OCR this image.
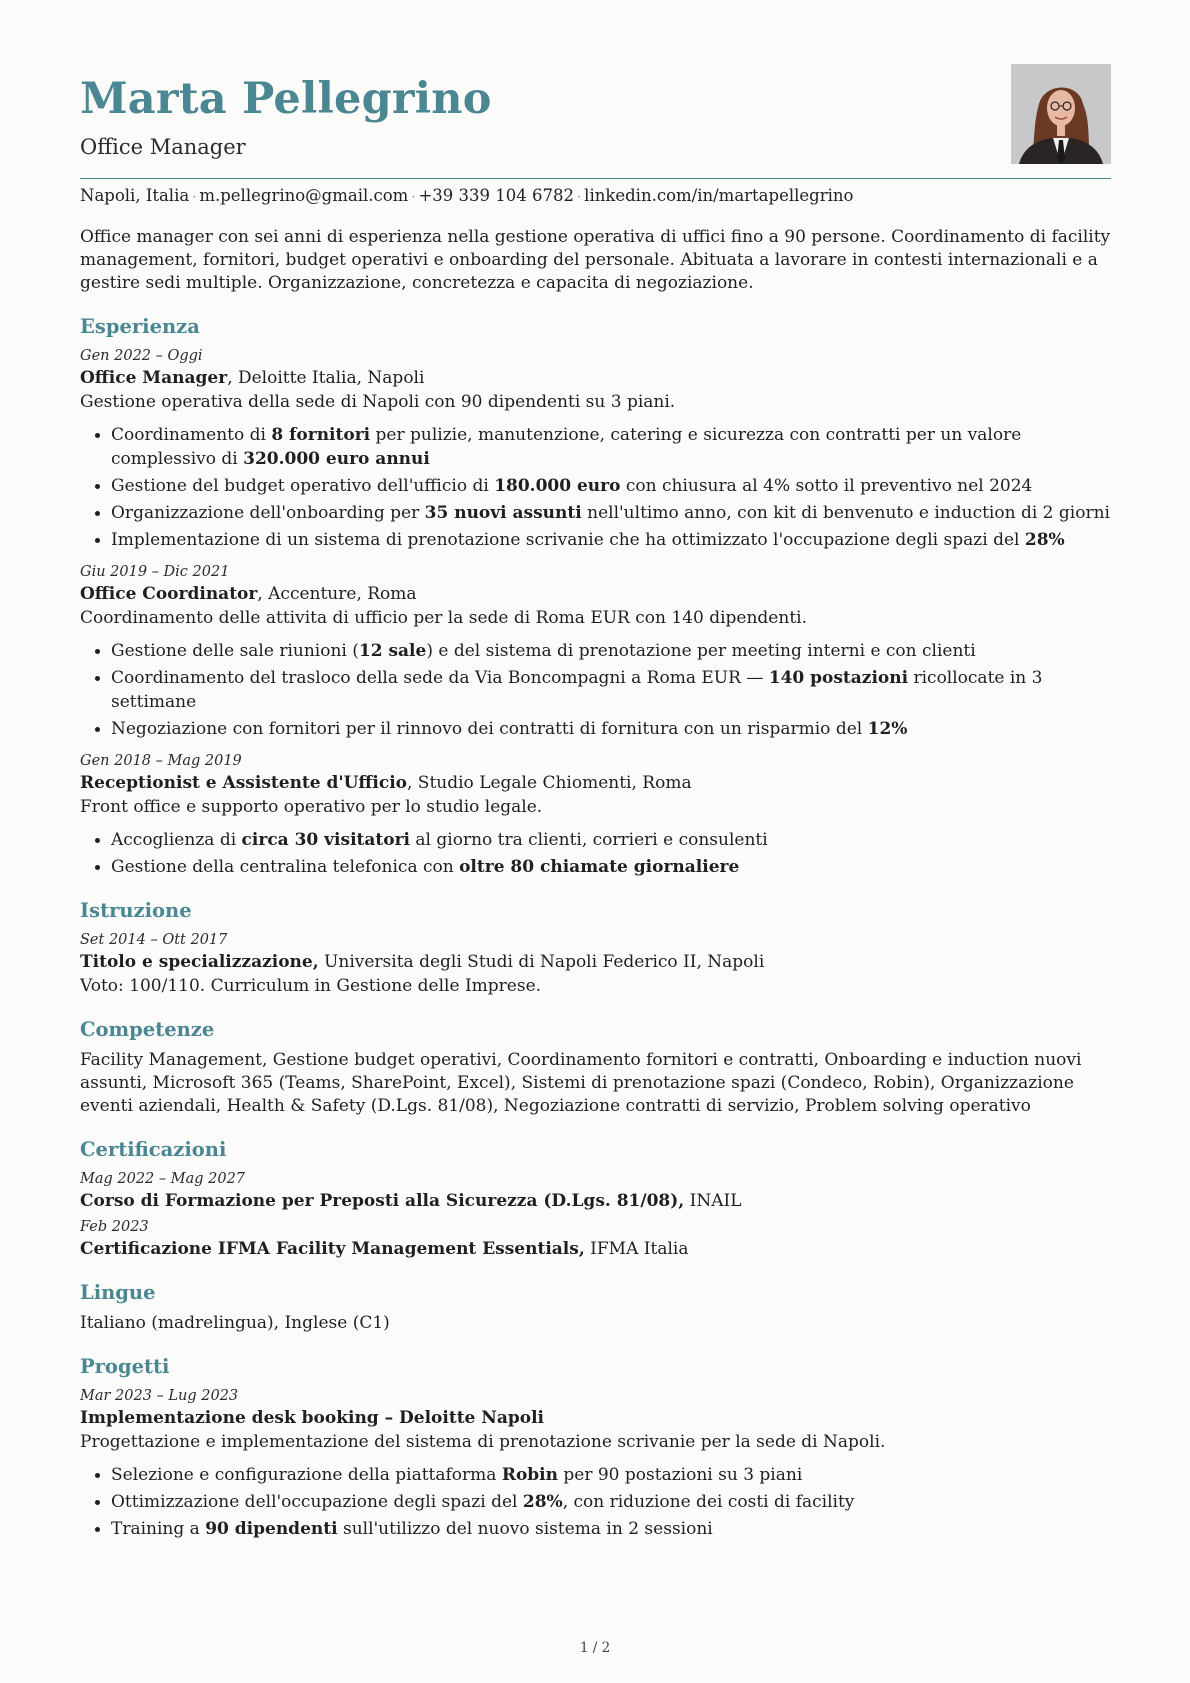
Marta Pellegrino
Office Manager
Napoli, Italia · m.pellegrino@gmail.com · +39 339 104 6782 · linkedin.com/in/martapellegrino
Office manager con sei anni di esperienza nella gestione operativa di uffici fino a 90 persone. Coordinamento di facility management, fornitori, budget operativi e onboarding del personale. Abituata a lavorare in contesti internazionali e a gestire sedi multiple. Organizzazione, concretezza e capacita di negoziazione.
Esperienza
Gen 2022 – Oggi
Office Manager, Deloitte Italia, Napoli
Gestione operativa della sede di Napoli con 90 dipendenti su 3 piani.
• Coordinamento di 8 fornitori per pulizie, manutenzione, catering e sicurezza con contratti per un valore complessivo di 320.000 euro annui
• Gestione del budget operativo dell'ufficio di 180.000 euro con chiusura al 4% sotto il preventivo nel 2024
• Organizzazione dell'onboarding per 35 nuovi assunti nell'ultimo anno, con kit di benvenuto e induction di 2 giorni
• Implementazione di un sistema di prenotazione scrivanie che ha ottimizzato l'occupazione degli spazi del 28%
Giu 2019 – Dic 2021
Office Coordinator, Accenture, Roma
Coordinamento delle attivita di ufficio per la sede di Roma EUR con 140 dipendenti.
• Gestione delle sale riunioni (12 sale) e del sistema di prenotazione per meeting interni e con clienti
• Coordinamento del trasloco della sede da Via Boncompagni a Roma EUR — 140 postazioni ricollocate in 3 settimane
• Negoziazione con fornitori per il rinnovo dei contratti di fornitura con un risparmio del 12%
Gen 2018 – Mag 2019
Receptionist e Assistente d'Ufficio, Studio Legale Chiomenti, Roma
Front office e supporto operativo per lo studio legale.
• Accoglienza di circa 30 visitatori al giorno tra clienti, corrieri e consulenti
• Gestione della centralina telefonica con oltre 80 chiamate giornaliere
Istruzione
Set 2014 – Ott 2017
Titolo e specializzazione, Universita degli Studi di Napoli Federico II, Napoli
Voto: 100/110. Curriculum in Gestione delle Imprese.
Competenze
Facility Management, Gestione budget operativi, Coordinamento fornitori e contratti, Onboarding e induction nuovi assunti, Microsoft 365 (Teams, SharePoint, Excel), Sistemi di prenotazione spazi (Condeco, Robin), Organizzazione eventi aziendali, Health & Safety (D.Lgs. 81/08), Negoziazione contratti di servizio, Problem solving operativo
Certificazioni
Mag 2022 – Mag 2027
Corso di Formazione per Preposti alla Sicurezza (D.Lgs. 81/08), INAIL
Feb 2023
Certificazione IFMA Facility Management Essentials, IFMA Italia
Lingue
Italiano (madrelingua), Inglese (C1)
Progetti
Mar 2023 – Lug 2023
Implementazione desk booking – Deloitte Napoli
Progettazione e implementazione del sistema di prenotazione scrivanie per la sede di Napoli.
• Selezione e configurazione della piattaforma Robin per 90 postazioni su 3 piani
• Ottimizzazione dell'occupazione degli spazi del 28%, con riduzione dei costi di facility
• Training a 90 dipendenti sull'utilizzo del nuovo sistema in 2 sessioni
1 / 2
